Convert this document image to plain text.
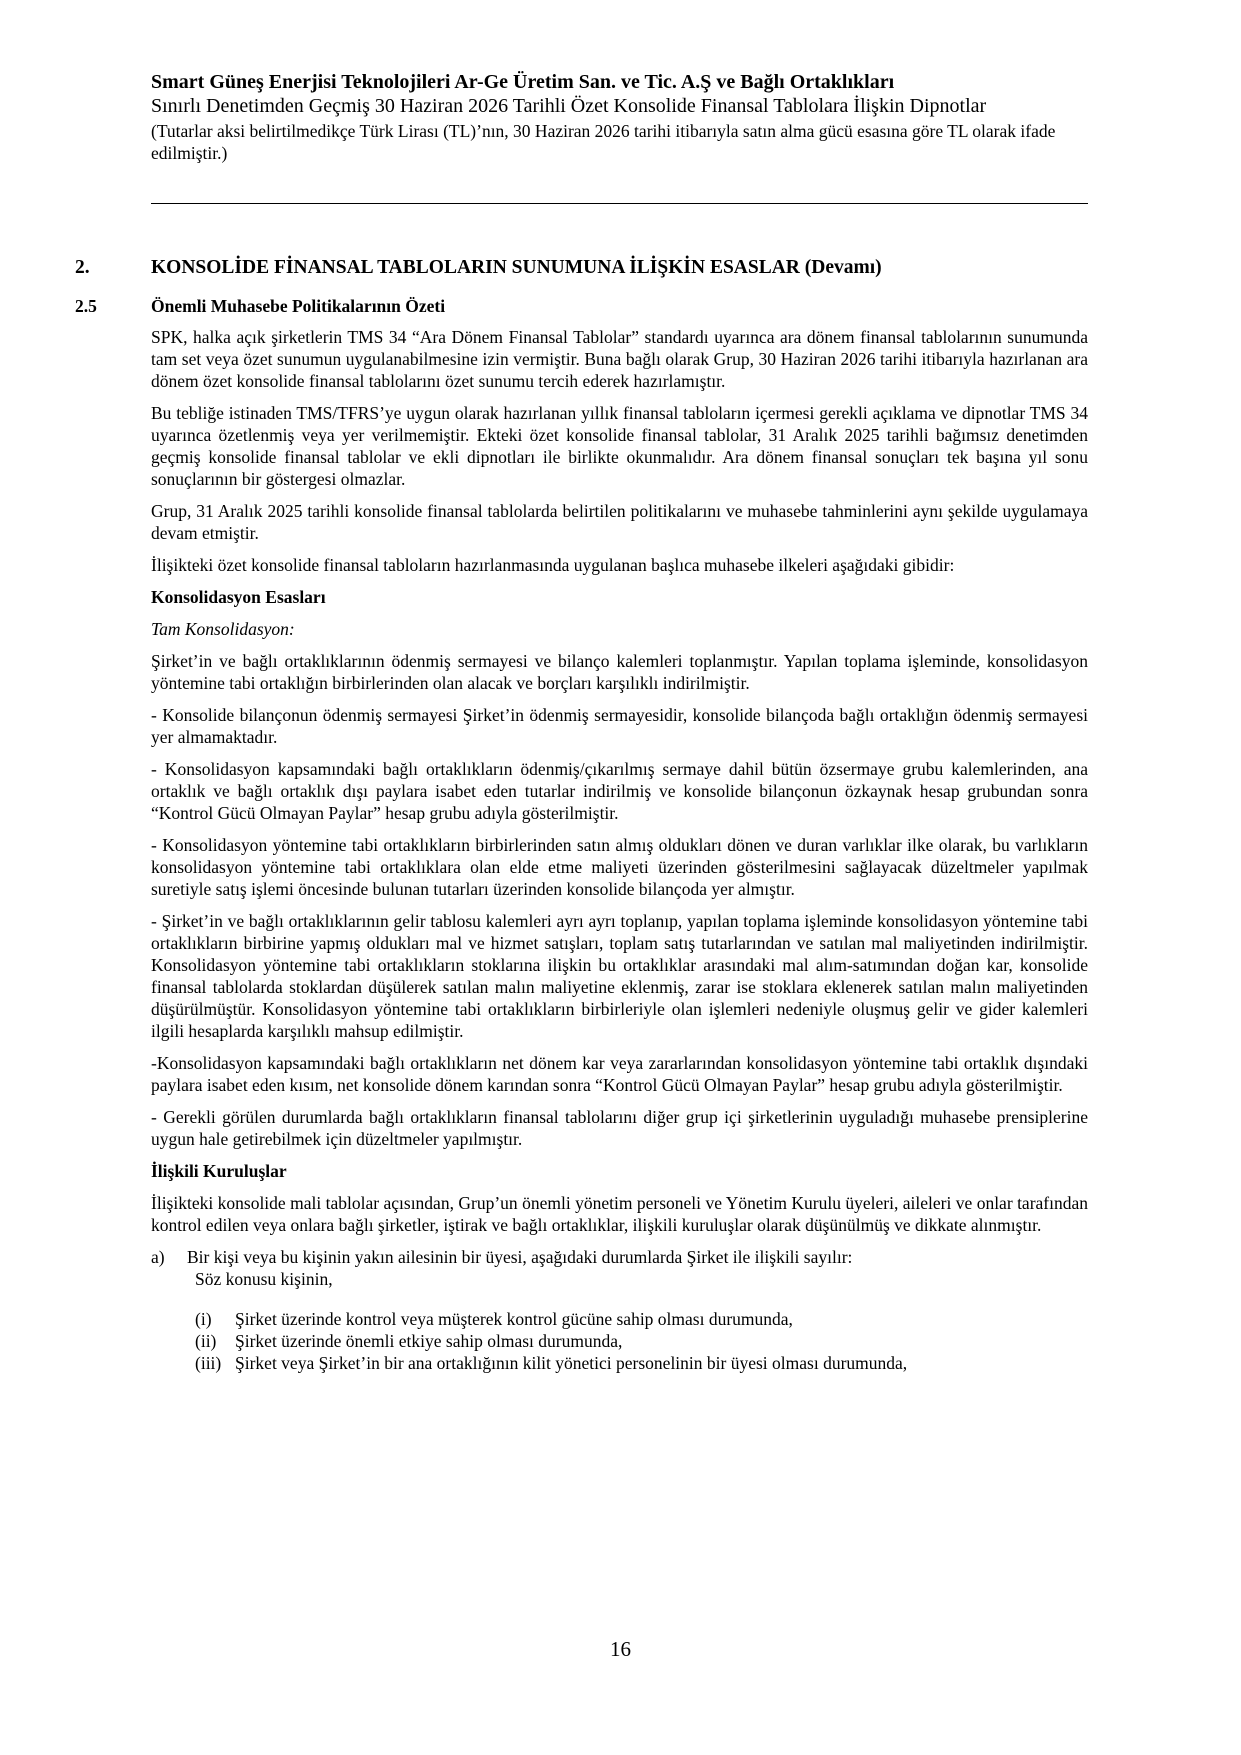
Smart Güneş Enerjisi Teknolojileri Ar-Ge Üretim San. ve Tic. A.Ş ve Bağlı Ortaklıkları

Sınırlı Denetimden Geçmiş 30 Haziran 2026 Tarihli Özet Konsolide Finansal Tablolara İlişkin Dipnotlar

(Tutarlar aksi belirtilmedikçe Türk Lirası (TL)’nın, 30 Haziran 2026 tarihi itibarıyla satın alma gücü esasına göre TL olarak ifade edilmiştir.)

2.	KONSOLİDE FİNANSAL TABLOLARIN SUNUMUNA İLİŞKİN ESASLAR (Devamı)
2.5	Önemli Muhasebe Politikalarının Özeti

SPK, halka açık şirketlerin TMS 34 “Ara Dönem Finansal Tablolar” standardı uyarınca ara dönem finansal tablolarının sunumunda tam set veya özet sunumun uygulanabilmesine izin vermiştir. Buna bağlı olarak Grup, 30 Haziran 2026 tarihi itibarıyla hazırlanan ara dönem özet konsolide finansal tablolarını özet sunumu tercih ederek hazırlamıştır.

Bu tebliğe istinaden TMS/TFRS’ye uygun olarak hazırlanan yıllık finansal tabloların içermesi gerekli açıklama ve dipnotlar TMS 34 uyarınca özetlenmiş veya yer verilmemiştir. Ekteki özet konsolide finansal tablolar, 31 Aralık 2025 tarihli bağımsız denetimden geçmiş konsolide finansal tablolar ve ekli dipnotları ile birlikte okunmalıdır. Ara dönem finansal sonuçları tek başına yıl sonu sonuçlarının bir göstergesi olmazlar.

Grup, 31 Aralık 2025 tarihli konsolide finansal tablolarda belirtilen politikalarını ve muhasebe tahminlerini aynı şekilde uygulamaya devam etmiştir.

İlişikteki özet konsolide finansal tabloların hazırlanmasında uygulanan başlıca muhasebe ilkeleri aşağıdaki gibidir:

Konsolidasyon Esasları
Tam Konsolidasyon:

Şirket’in ve bağlı ortaklıklarının ödenmiş sermayesi ve bilanço kalemleri toplanmıştır. Yapılan toplama işleminde, konsolidasyon yöntemine tabi ortaklığın birbirlerinden olan alacak ve borçları karşılıklı indirilmiştir.

- Konsolide bilançonun ödenmiş sermayesi Şirket’in ödenmiş sermayesidir, konsolide bilançoda bağlı ortaklığın ödenmiş sermayesi yer almamaktadır.

- Konsolidasyon kapsamındaki bağlı ortaklıkların ödenmiş/çıkarılmış sermaye dahil bütün özsermaye grubu kalemlerinden, ana ortaklık ve bağlı ortaklık dışı paylara isabet eden tutarlar indirilmiş ve konsolide bilançonun özkaynak hesap grubundan sonra “Kontrol Gücü Olmayan Paylar” hesap grubu adıyla gösterilmiştir.

- Konsolidasyon yöntemine tabi ortaklıkların birbirlerinden satın almış oldukları dönen ve duran varlıklar ilke olarak, bu varlıkların konsolidasyon yöntemine tabi ortaklıklara olan elde etme maliyeti üzerinden gösterilmesini sağlayacak düzeltmeler yapılmak suretiyle satış işlemi öncesinde bulunan tutarları üzerinden konsolide bilançoda yer almıştır.

- Şirket’in ve bağlı ortaklıklarının gelir tablosu kalemleri ayrı ayrı toplanıp, yapılan toplama işleminde konsolidasyon yöntemine tabi ortaklıkların birbirine yapmış oldukları mal ve hizmet satışları, toplam satış tutarlarından ve satılan mal maliyetinden indirilmiştir. Konsolidasyon yöntemine tabi ortaklıkların stoklarına ilişkin bu ortaklıklar arasındaki mal alım-satımından doğan kar, konsolide finansal tablolarda stoklardan düşülerek satılan malın maliyetine eklenmiş, zarar ise stoklara eklenerek satılan malın maliyetinden düşürülmüştür. Konsolidasyon yöntemine tabi ortaklıkların birbirleriyle olan işlemleri nedeniyle oluşmuş gelir ve gider kalemleri ilgili hesaplarda karşılıklı mahsup edilmiştir.

-Konsolidasyon kapsamındaki bağlı ortaklıkların net dönem kar veya zararlarından konsolidasyon yöntemine tabi ortaklık dışındaki paylara isabet eden kısım, net konsolide dönem karından sonra “Kontrol Gücü Olmayan Paylar” hesap grubu adıyla gösterilmiştir.

- Gerekli görülen durumlarda bağlı ortaklıkların finansal tablolarını diğer grup içi şirketlerinin uyguladığı muhasebe prensiplerine uygun hale getirebilmek için düzeltmeler yapılmıştır.

İlişkili Kuruluşlar

İlişikteki konsolide mali tablolar açısından, Grup’un önemli yönetim personeli ve Yönetim Kurulu üyeleri, aileleri ve onlar tarafından kontrol edilen veya onlara bağlı şirketler, iştirak ve bağlı ortaklıklar, ilişkili kuruluşlar olarak düşünülmüş ve dikkate alınmıştır.

a) Bir kişi veya bu kişinin yakın ailesinin bir üyesi, aşağıdaki durumlarda Şirket ile ilişkili sayılır:
Söz konusu kişinin,
(i) Şirket üzerinde kontrol veya müşterek kontrol gücüne sahip olması durumunda,
(ii) Şirket üzerinde önemli etkiye sahip olması durumunda,
(iii) Şirket veya Şirket’in bir ana ortaklığının kilit yönetici personelinin bir üyesi olması durumunda,
16
